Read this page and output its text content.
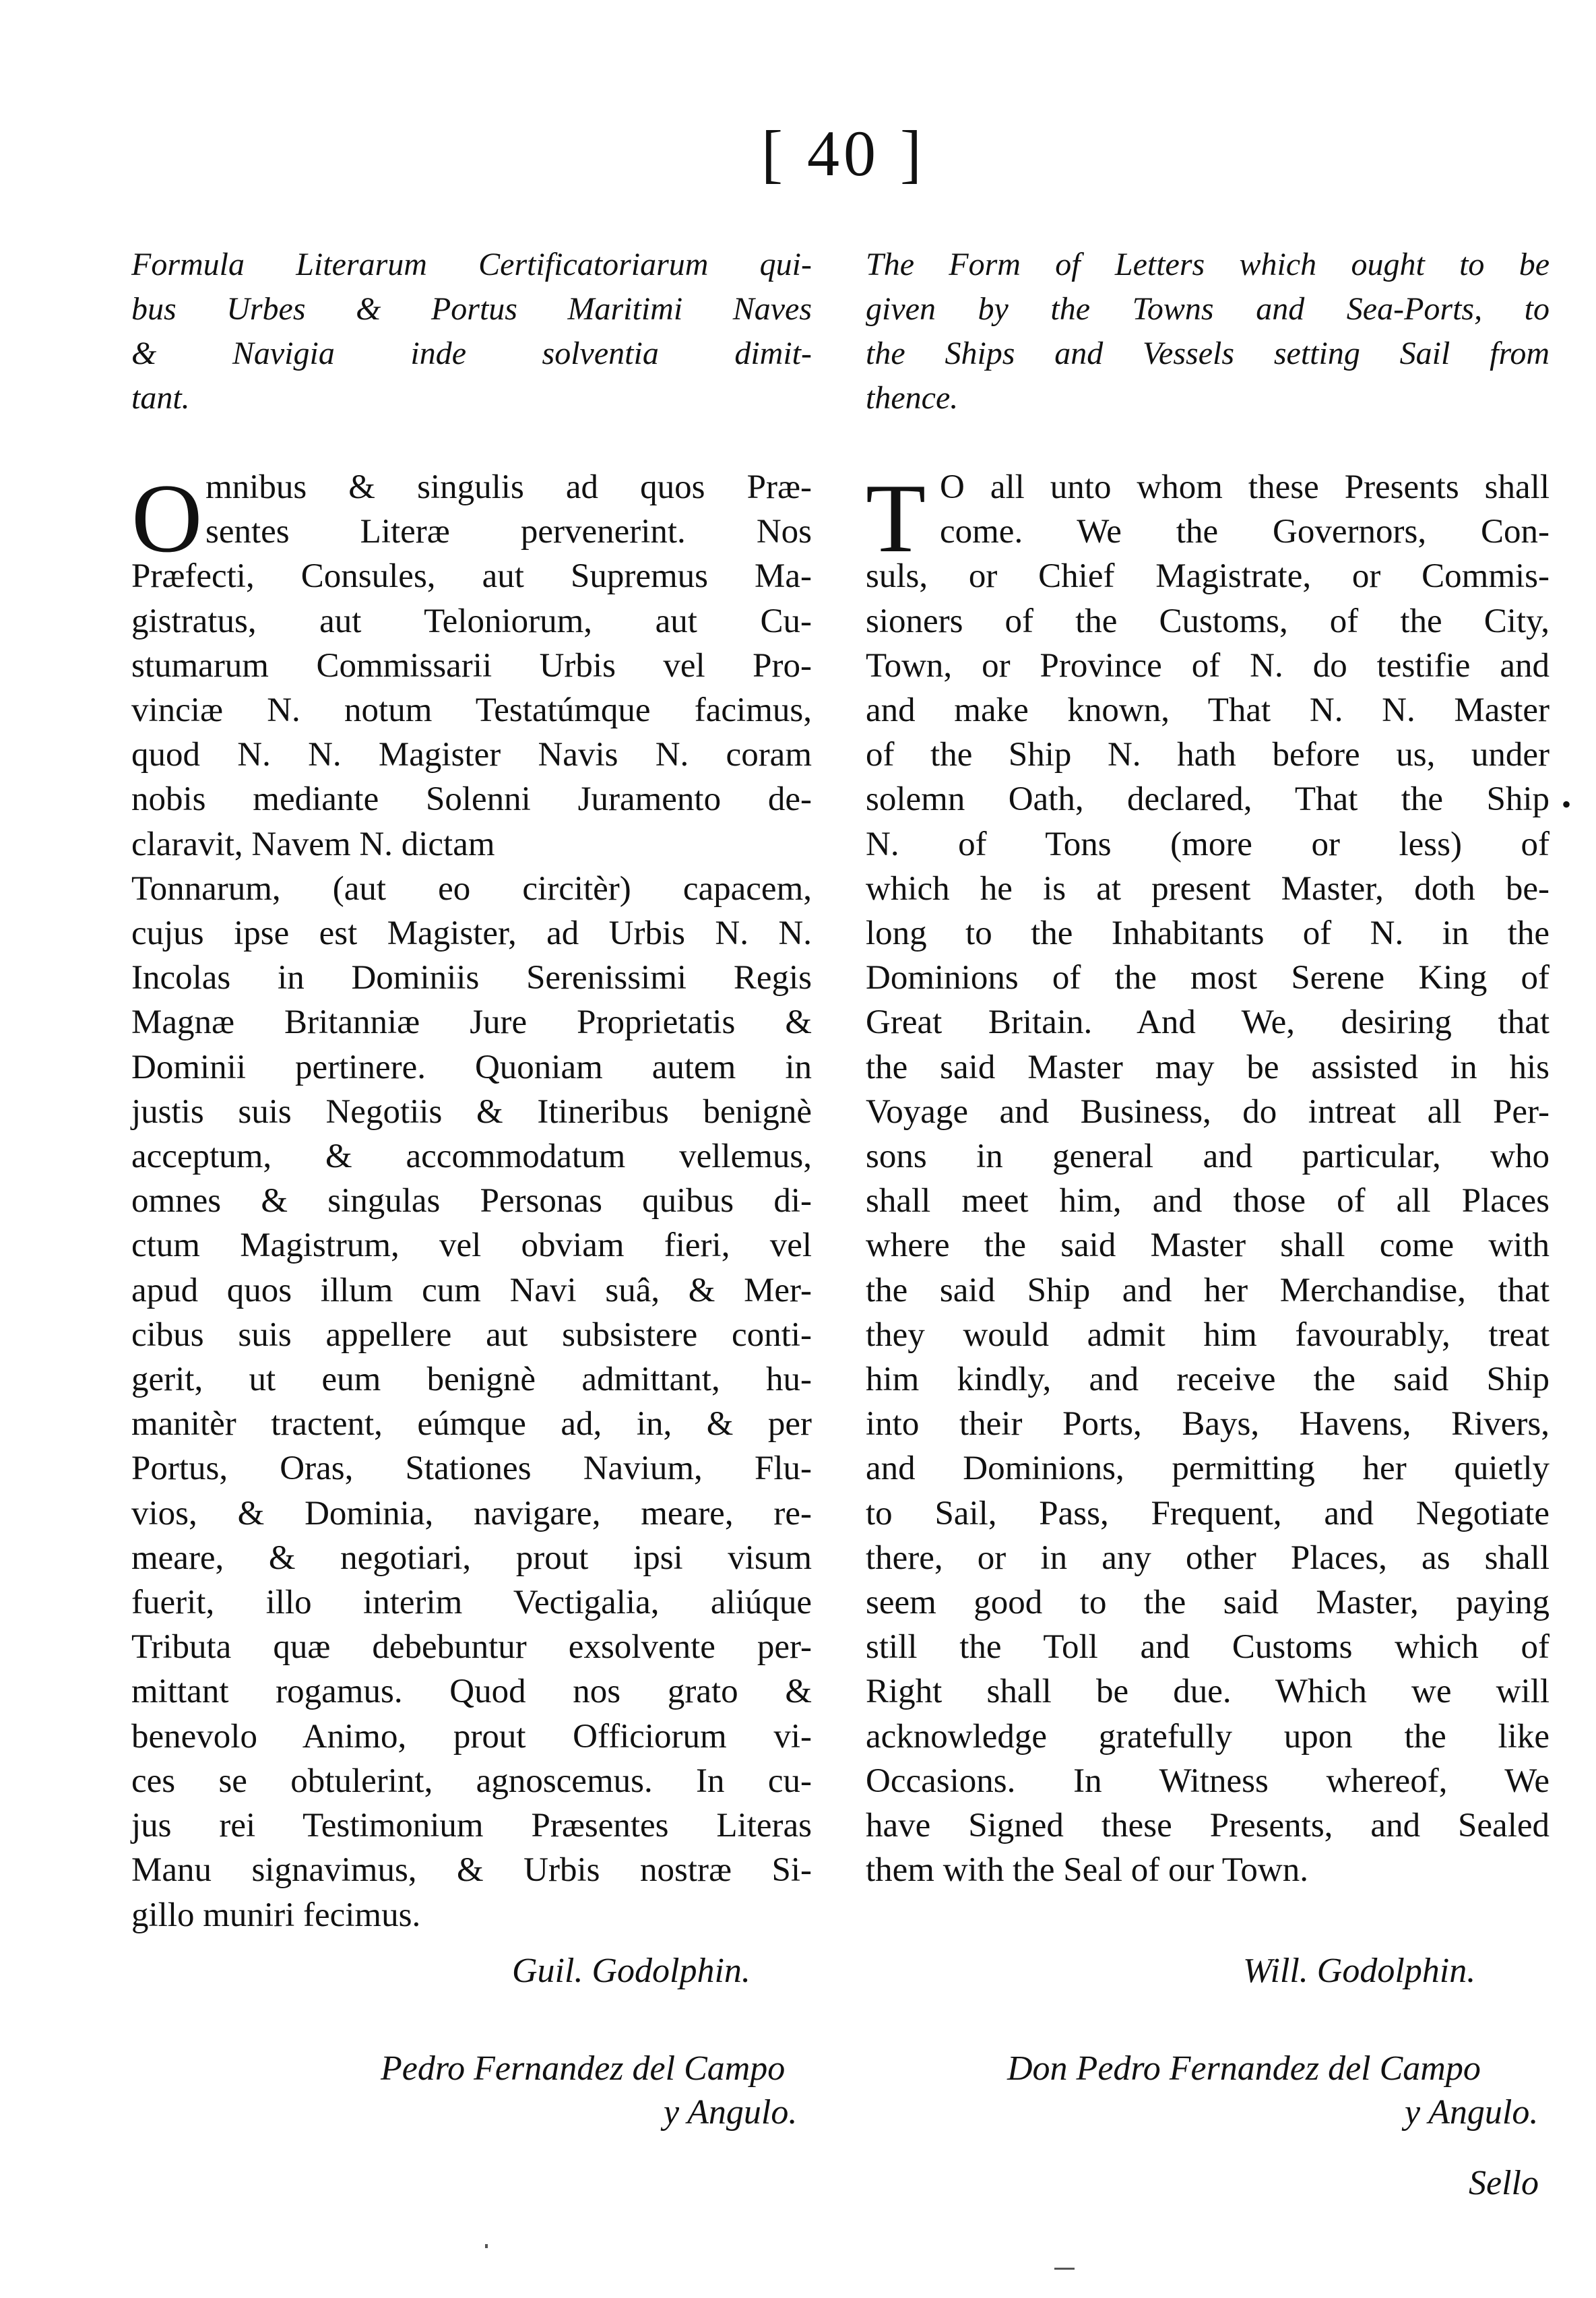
[ 40 ]
Formula Literarum Certificatoriarum qui-
bus Urbes & Portus Maritimi Naves
& Navigia inde solventia dimit-
tant.
O mnibus & singulis ad quos Præ-
sentes Literæ pervenerint. Nos
Præfecti, Consules, aut Supremus Ma-
gistratus, aut Teloniorum, aut Cu-
stumarum Commissarii Urbis vel Pro-
vinciæ N. notum Testatúmque facimus,
quod N. N. Magister Navis N. coram
nobis mediante Solenni Juramento de-
claravit, Navem N. dictam
Tonnarum, (aut eo circitèr) capacem,
cujus ipse est Magister, ad Urbis N. N.
Incolas in Dominiis Serenissimi Regis
Magnæ Britanniæ Jure Proprietatis &
Dominii pertinere. Quoniam autem in
justis suis Negotiis & Itineribus benignè
acceptum, & accommodatum vellemus,
omnes & singulas Personas quibus di-
ctum Magistrum, vel obviam fieri, vel
apud quos illum cum Navi suâ, & Mer-
cibus suis appellere aut subsistere conti-
gerit, ut eum benignè admittant, hu-
manitèr tractent, eúmque ad, in, & per
Portus, Oras, Stationes Navium, Flu-
vios, & Dominia, navigare, meare, re-
meare, & negotiari, prout ipsi visum
fuerit, illo interim Vectigalia, aliúque
Tributa quæ debebuntur exsolvente per-
mittant rogamus. Quod nos grato &
benevolo Animo, prout Officiorum vi-
ces se obtulerint, agnoscemus. In cu-
jus rei Testimonium Præsentes Literas
Manu signavimus, & Urbis nostræ Si-
gillo muniri fecimus.
The Form of Letters which ought to be
given by the Towns and Sea-Ports, to
the Ships and Vessels setting Sail from
thence.
T O all unto whom these Presents shall
come. We the Governors, Con-
suls, or Chief Magistrate, or Commis-
sioners of the Customs, of the City,
Town, or Province of N. do testifie and
and make known, That N. N. Master
of the Ship N. hath before us, under
solemn Oath, declared, That the Ship
N. of Tons (more or less) of
which he is at present Master, doth be-
long to the Inhabitants of N. in the
Dominions of the most Serene King of
Great Britain. And We, desiring that
the said Master may be assisted in his
Voyage and Business, do intreat all Per-
sons in general and particular, who
shall meet him, and those of all Places
where the said Master shall come with
the said Ship and her Merchandise, that
they would admit him favourably, treat
him kindly, and receive the said Ship
into their Ports, Bays, Havens, Rivers,
and Dominions, permitting her quietly
to Sail, Pass, Frequent, and Negotiate
there, or in any other Places, as shall
seem good to the said Master, paying
still the Toll and Customs which of
Right shall be due. Which we will
acknowledge gratefully upon the like
Occasions. In Witness whereof, We
have Signed these Presents, and Sealed
them with the Seal of our Town.
Guil. Godolphin.
Pedro Fernandez del Campo
y Angulo.
Will. Godolphin.
Don Pedro Fernandez del Campo
y Angulo.
Sello
•
